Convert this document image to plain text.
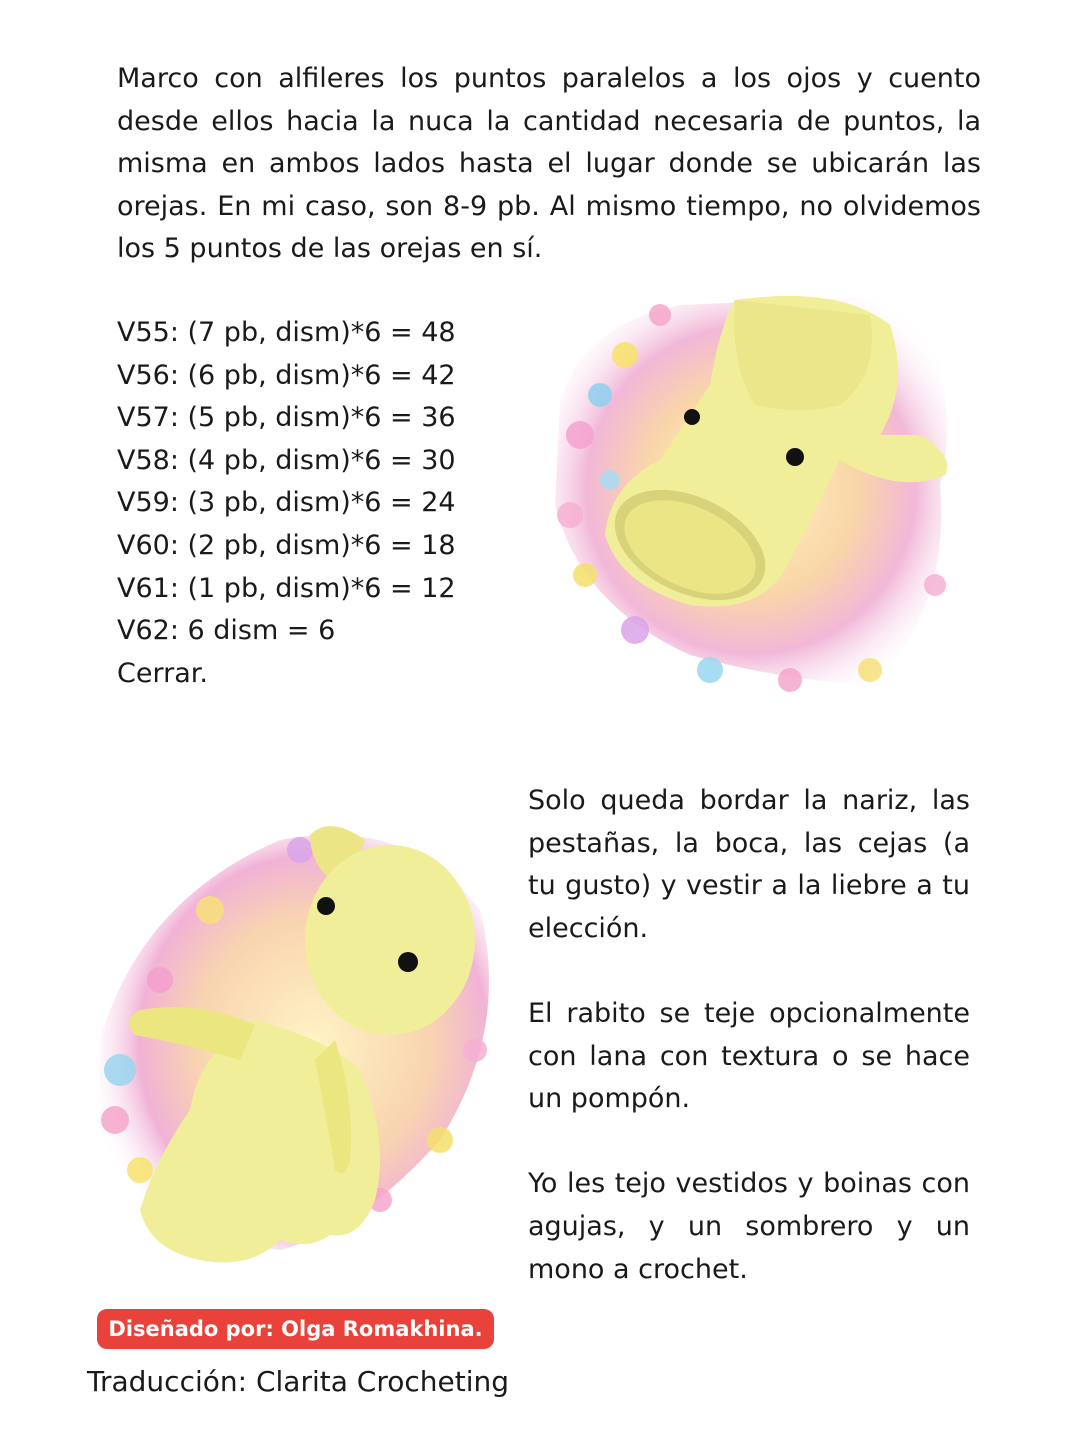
Marco con alfileres los puntos paralelos a los ojos y cuento desde ellos hacia la nuca la cantidad necesaria de puntos, la misma en ambos lados hasta el lugar donde se ubicarán las orejas. En mi caso, son 8-9 pb. Al mismo tiempo, no olvidemos los 5 puntos de las orejas en sí.

V55: (7 pb, dism)*6 = 48
V56: (6 pb, dism)*6 = 42
V57: (5 pb, dism)*6 = 36
V58: (4 pb, dism)*6 = 30
V59: (3 pb, dism)*6 = 24
V60: (2 pb, dism)*6 = 18
V61: (1 pb, dism)*6 = 12
V62: 6 dism = 6
Cerrar.

Solo queda bordar la nariz, las pestañas, la boca, las cejas (a tu gusto) y vestir a la liebre a tu elección.

El rabito se teje opcionalmente con lana con textura o se hace un pompón.

Yo les tejo vestidos y boinas con agujas, y un sombrero y un mono a crochet.

Diseñado por: Olga Romakhina.
Traducción: Clarita Crocheting
